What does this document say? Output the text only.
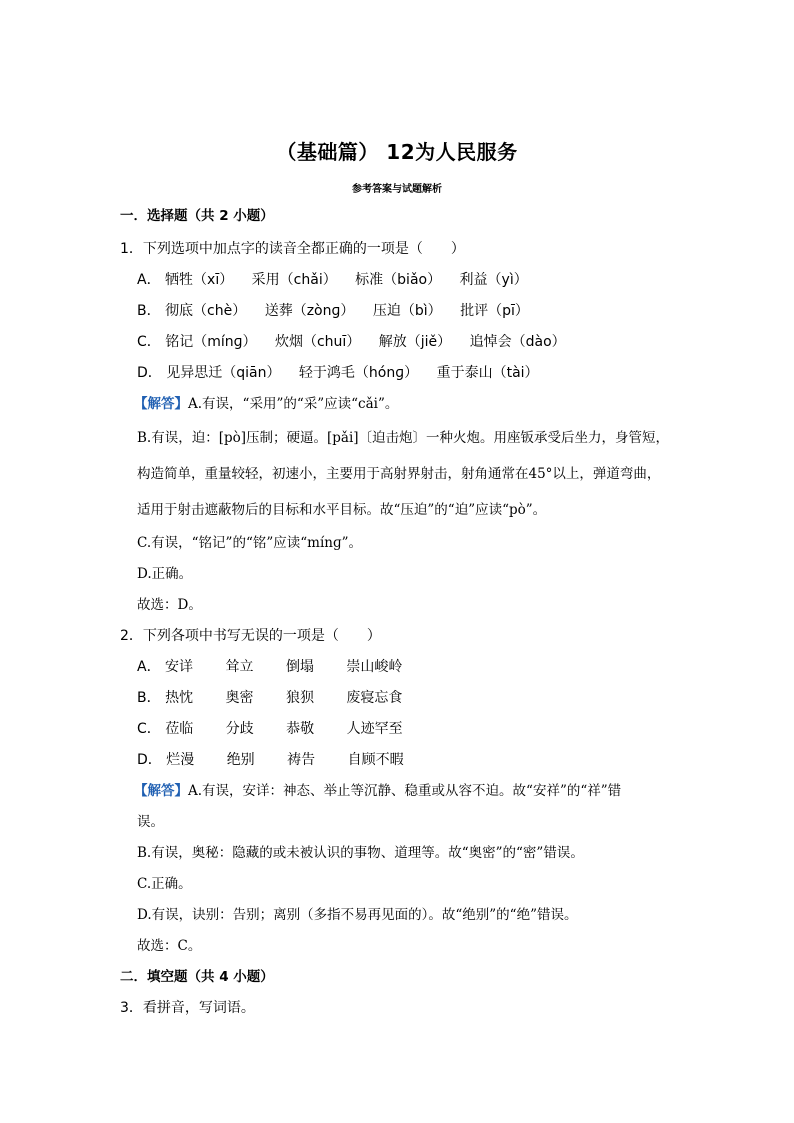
（基础篇） 12为人民服务
参考答案与试题解析
一．选择题（共 2 小题）
1．下列选项中加点字的读音全都正确的一项是（　　）
A． 牺牲（xī） 采用（chǎi） 标准（biǎo） 利益（yì）
B． 彻底（chè） 送葬（zònɡ） 压迫（bì） 批评（pī）
C． 铭记（mínɡ） 炊烟（chuī） 解放（jiě） 追悼会（dào）
D． 见异思迁（qiān） 轻于鸿毛（hónɡ） 重于泰山（tài）
【解答】A.有误，“采用”的“采”应读“cǎi”。
B.有误，迫：[pò]压制；硬逼。[pǎi]〔迫击炮〕一种火炮。用座钣承受后坐力，身管短，
构造简单，重量较轻，初速小，主要用于高射界射击，射角通常在45°以上，弹道弯曲，
适用于射击遮蔽物后的目标和水平目标。故“压迫”的“迫”应读“pò”。
C.有误，“铭记”的“铭”应读“mínɡ”。
D.正确。
故选：D。
2．下列各项中书写无误的一项是（　　）
A． 安详 耸立 倒塌 崇山峻岭
B． 热忱 奥密 狼狈 废寝忘食
C． 莅临 分歧 恭敬 人迹罕至
D． 烂漫 绝别 祷告 自顾不暇
【解答】A.有误，安详：神态、举止等沉静、稳重或从容不迫。故“安祥”的“祥”错
误。
B.有误，奥秘：隐藏的或未被认识的事物、道理等。故“奥密”的“密”错误。
C.正确。
D.有误，诀别：告别；离别（多指不易再见面的）。故“绝别”的“绝”错误。
故选：C。
二．填空题（共 4 小题）
3．看拼音，写词语。
